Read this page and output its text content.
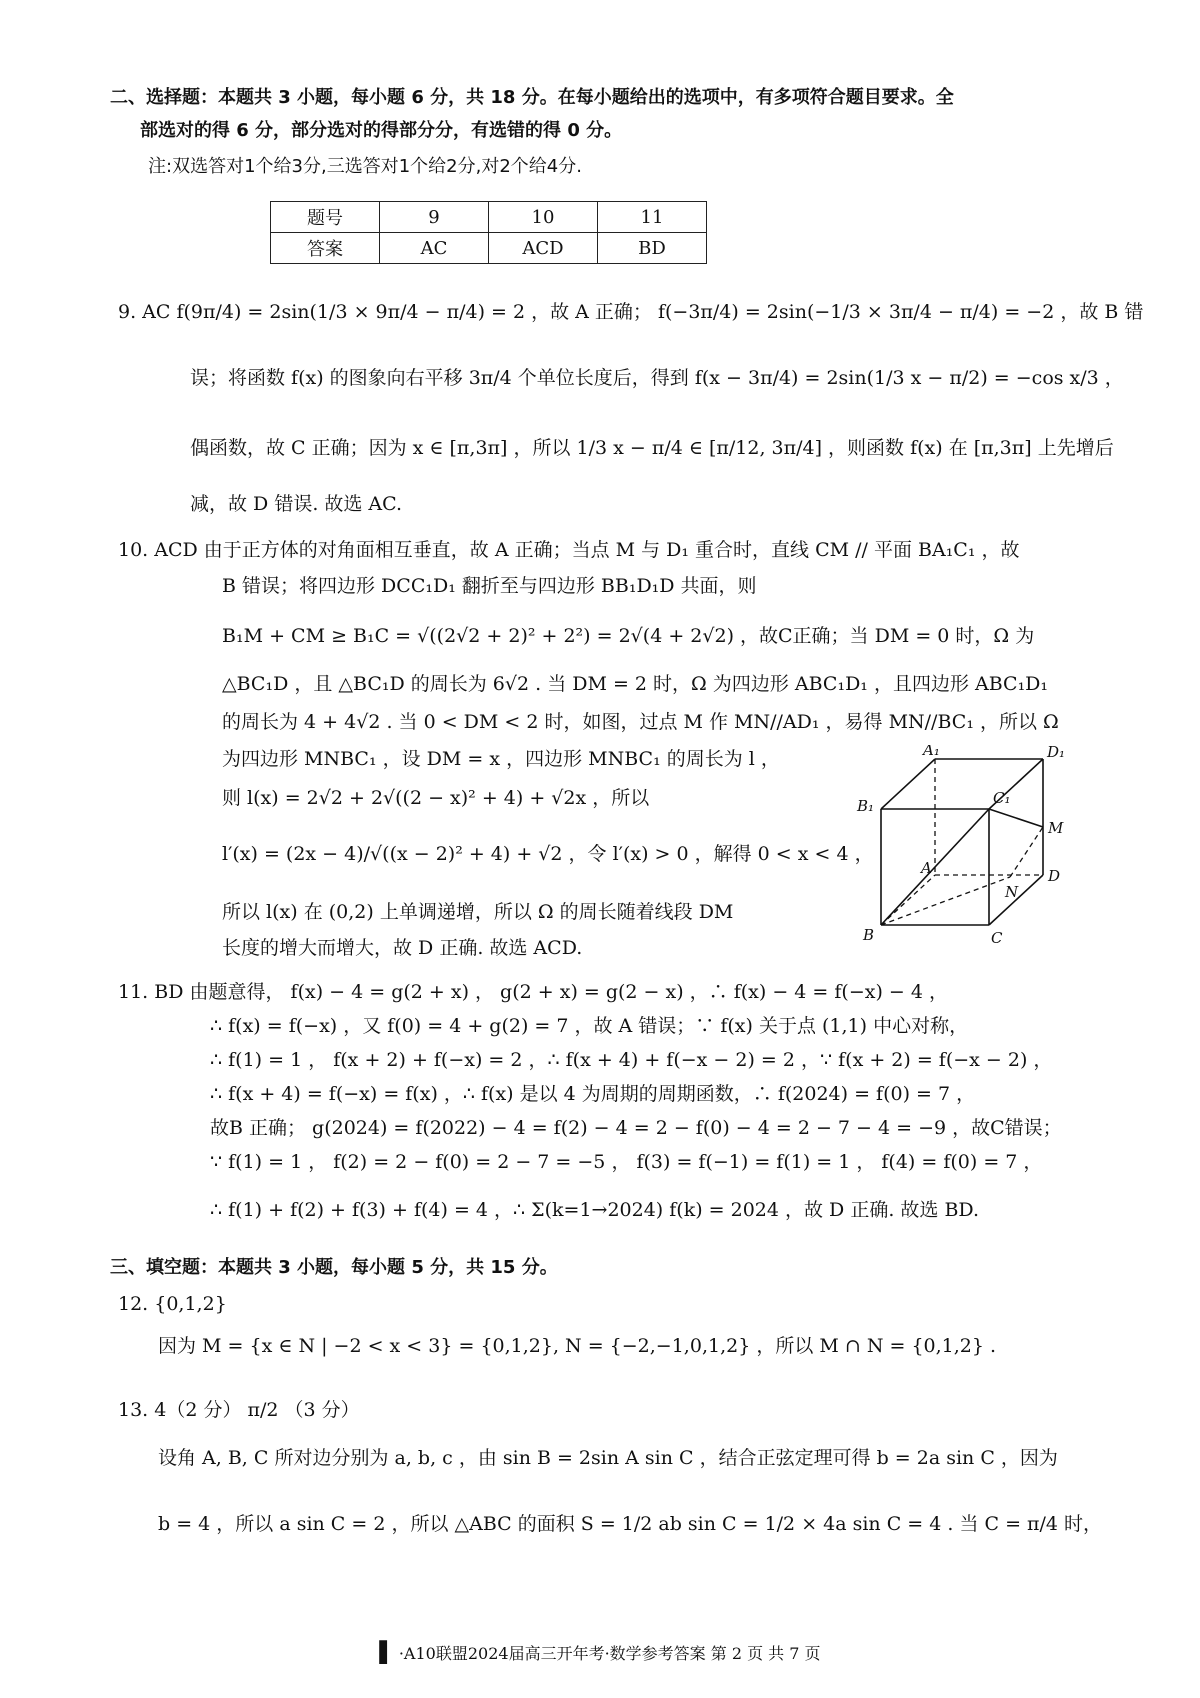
二、选择题：本题共 3 小题，每小题 6 分，共 18 分。在每小题给出的选项中，有多项符合题目要求。全
部选对的得 6 分，部分选对的得部分分，有选错的得 0 分。
注:双选答对1个给3分,三选答对1个给2分,对2个给4分.
题号	9	10	11
答案	AC	ACD	BD
9. AC f(9π/4) = 2sin(1/3 × 9π/4 − π/4) = 2 ，故 A 正确； f(−3π/4) = 2sin(−1/3 × 3π/4 − π/4) = −2 ，故 B 错
误；将函数 f(x) 的图象向右平移 3π/4 个单位长度后，得到 f(x − 3π/4) = 2sin(1/3 x − π/2) = −cos x/3 ，
偶函数，故 C 正确；因为 x ∈ [π,3π] ，所以 1/3 x − π/4 ∈ [π/12, 3π/4] ，则函数 f(x) 在 [π,3π] 上先增后
减，故 D 错误. 故选 AC.
10. ACD 由于正方体的对角面相互垂直，故 A 正确；当点 M 与 D₁ 重合时，直线 CM // 平面 BA₁C₁ ，故
B 错误；将四边形 DCC₁D₁ 翻折至与四边形 BB₁D₁D 共面，则
B₁M + CM ≥ B₁C = √((2√2 + 2)² + 2²) = 2√(4 + 2√2) ，故C正确；当 DM = 0 时，Ω 为
△BC₁D ，且 △BC₁D 的周长为 6√2 . 当 DM = 2 时，Ω 为四边形 ABC₁D₁ ，且四边形 ABC₁D₁
的周长为 4 + 4√2 . 当 0 < DM < 2 时，如图，过点 M 作 MN//AD₁ ，易得 MN//BC₁ ，所以 Ω
为四边形 MNBC₁ ，设 DM = x ，四边形 MNBC₁ 的周长为 l ，
则 l(x) = 2√2 + 2√((2 − x)² + 4) + √2x ，所以
l′(x) = (2x − 4)/√((x − 2)² + 4) + √2 ，令 l′(x) > 0 ，解得 0 < x < 4 ，
所以 l(x) 在 (0,2) 上单调递增，所以 Ω 的周长随着线段 DM
长度的增大而增大，故 D 正确. 故选 ACD.
A₁	D₁
B₁	C₁
M
A	D
N
B	C
11. BD 由题意得， f(x) − 4 = g(2 + x) ， g(2 + x) = g(2 − x) ，∴ f(x) − 4 = f(−x) − 4 ，
∴ f(x) = f(−x) ，又 f(0) = 4 + g(2) = 7 ，故 A 错误；∵ f(x) 关于点 (1,1) 中心对称，
∴ f(1) = 1 ， f(x + 2) + f(−x) = 2 ，∴ f(x + 4) + f(−x − 2) = 2 ，∵ f(x + 2) = f(−x − 2) ，
∴ f(x + 4) = f(−x) = f(x) ，∴ f(x) 是以 4 为周期的周期函数，∴ f(2024) = f(0) = 7 ，
故B 正确； g(2024) = f(2022) − 4 = f(2) − 4 = 2 − f(0) − 4 = 2 − 7 − 4 = −9 ，故C错误；
∵ f(1) = 1 ， f(2) = 2 − f(0) = 2 − 7 = −5 ， f(3) = f(−1) = f(1) = 1 ， f(4) = f(0) = 7 ，
∴ f(1) + f(2) + f(3) + f(4) = 4 ，∴ Σ(k=1→2024) f(k) = 2024 ，故 D 正确. 故选 BD.
三、填空题：本题共 3 小题，每小题 5 分，共 15 分。
12. {0,1,2}
因为 M = {x ∈ N | −2 < x < 3} = {0,1,2}, N = {−2,−1,0,1,2} ，所以 M ∩ N = {0,1,2} .
13. 4（2 分） π/2 （3 分）
设角 A, B, C 所对边分别为 a, b, c ，由 sin B = 2sin A sin C ，结合正弦定理可得 b = 2a sin C ，因为
b = 4 ，所以 a sin C = 2 ，所以 △ABC 的面积 S = 1/2 ab sin C = 1/2 × 4a sin C = 4 . 当 C = π/4 时，
▌ ·A10联盟2024届高三开年考·数学参考答案 第 2 页 共 7 页
